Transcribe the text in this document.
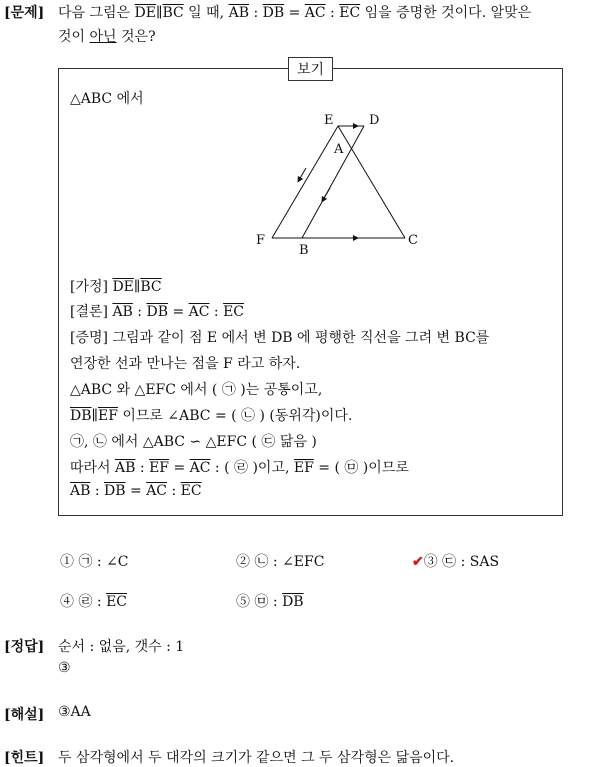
[문제] 다음 그림은 $\overline{DE}\parallel\overline{BC}$ 일 때, $\overline{AB}$ : $\overline{DB} = \overline{AC}$ : $\overline{EC}$ 임을 증명한 것이다. 알맞은
것이 아닌 것은?
보기
△ABC 에서
E	D
A
F
B
C
[가정] $\overline{DE}\parallel\overline{BC}$
[결론] $\overline{AB}$ : $\overline{DB} = \overline{AC}$ : $\overline{EC}$
[증명] 그림과 같이 점 E 에서 변 DB 에 평행한 직선을 그려 변 BC를
연장한 선과 만나는 점을 F 라고 하자.
△ABC 와 △EFC 에서 ( ㉠ )는 공통이고,
$\overline{DB}\parallel\overline{EF}$ 이므로 ∠ABC = ( ㉡ ) (동위각)이다.
㉠, ㉡ 에서 △ABC ∽ △EFC ( ㉢ 닮음 )
따라서 $\overline{AB}$ : $\overline{EF} = \overline{AC}$ : ( ㉣ )이고, $\overline{EF}$ = ( ㉤ )이므로
$\overline{AB}$ : $\overline{DB} = \overline{AC}$ : $\overline{EC}$
① ㉠ : ∠C	② ㉡ : ∠EFC	✔③ ㉢ : SAS
④ ㉣ : $\overline{EC}$	⑤ ㉤ : $\overline{DB}$
[정답] 순서 : 없음, 갯수 : 1
③
[해설] ③AA
[힌트] 두 삼각형에서 두 대각의 크기가 같으면 그 두 삼각형은 닮음이다.
